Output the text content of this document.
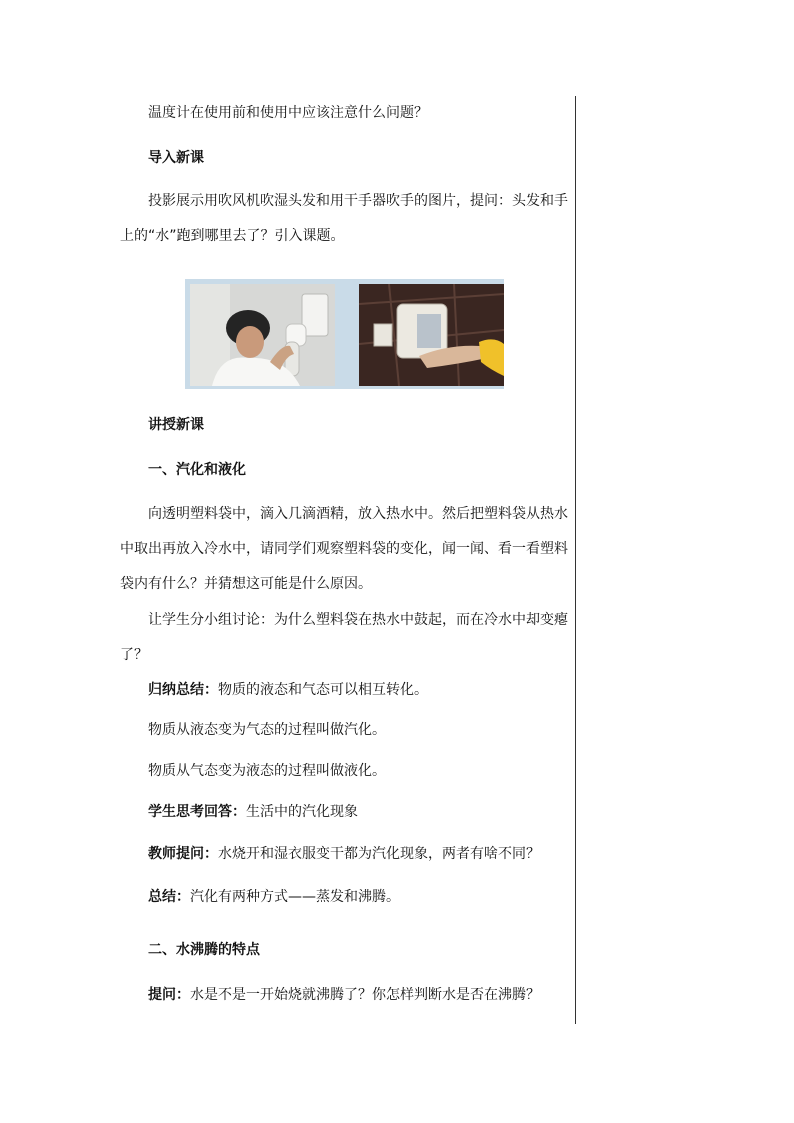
温度计在使用前和使用中应该注意什么问题？

导入新课

投影展示用吹风机吹湿头发和用干手器吹手的图片，提问：头发和手上的“水”跑到哪里去了？引入课题。

讲授新课

一、汽化和液化

向透明塑料袋中，滴入几滴酒精，放入热水中。然后把塑料袋从热水中取出再放入冷水中，请同学们观察塑料袋的变化，闻一闻、看一看塑料袋内有什么？并猜想这可能是什么原因。

让学生分小组讨论：为什么塑料袋在热水中鼓起，而在冷水中却变瘪了？

归纳总结：物质的液态和气态可以相互转化。

物质从液态变为气态的过程叫做汽化。

物质从气态变为液态的过程叫做液化。

学生思考回答：生活中的汽化现象

教师提问：水烧开和湿衣服变干都为汽化现象，两者有啥不同？

总结：汽化有两种方式——蒸发和沸腾。

二、水沸腾的特点

提问：水是不是一开始烧就沸腾了？你怎样判断水是否在沸腾？
